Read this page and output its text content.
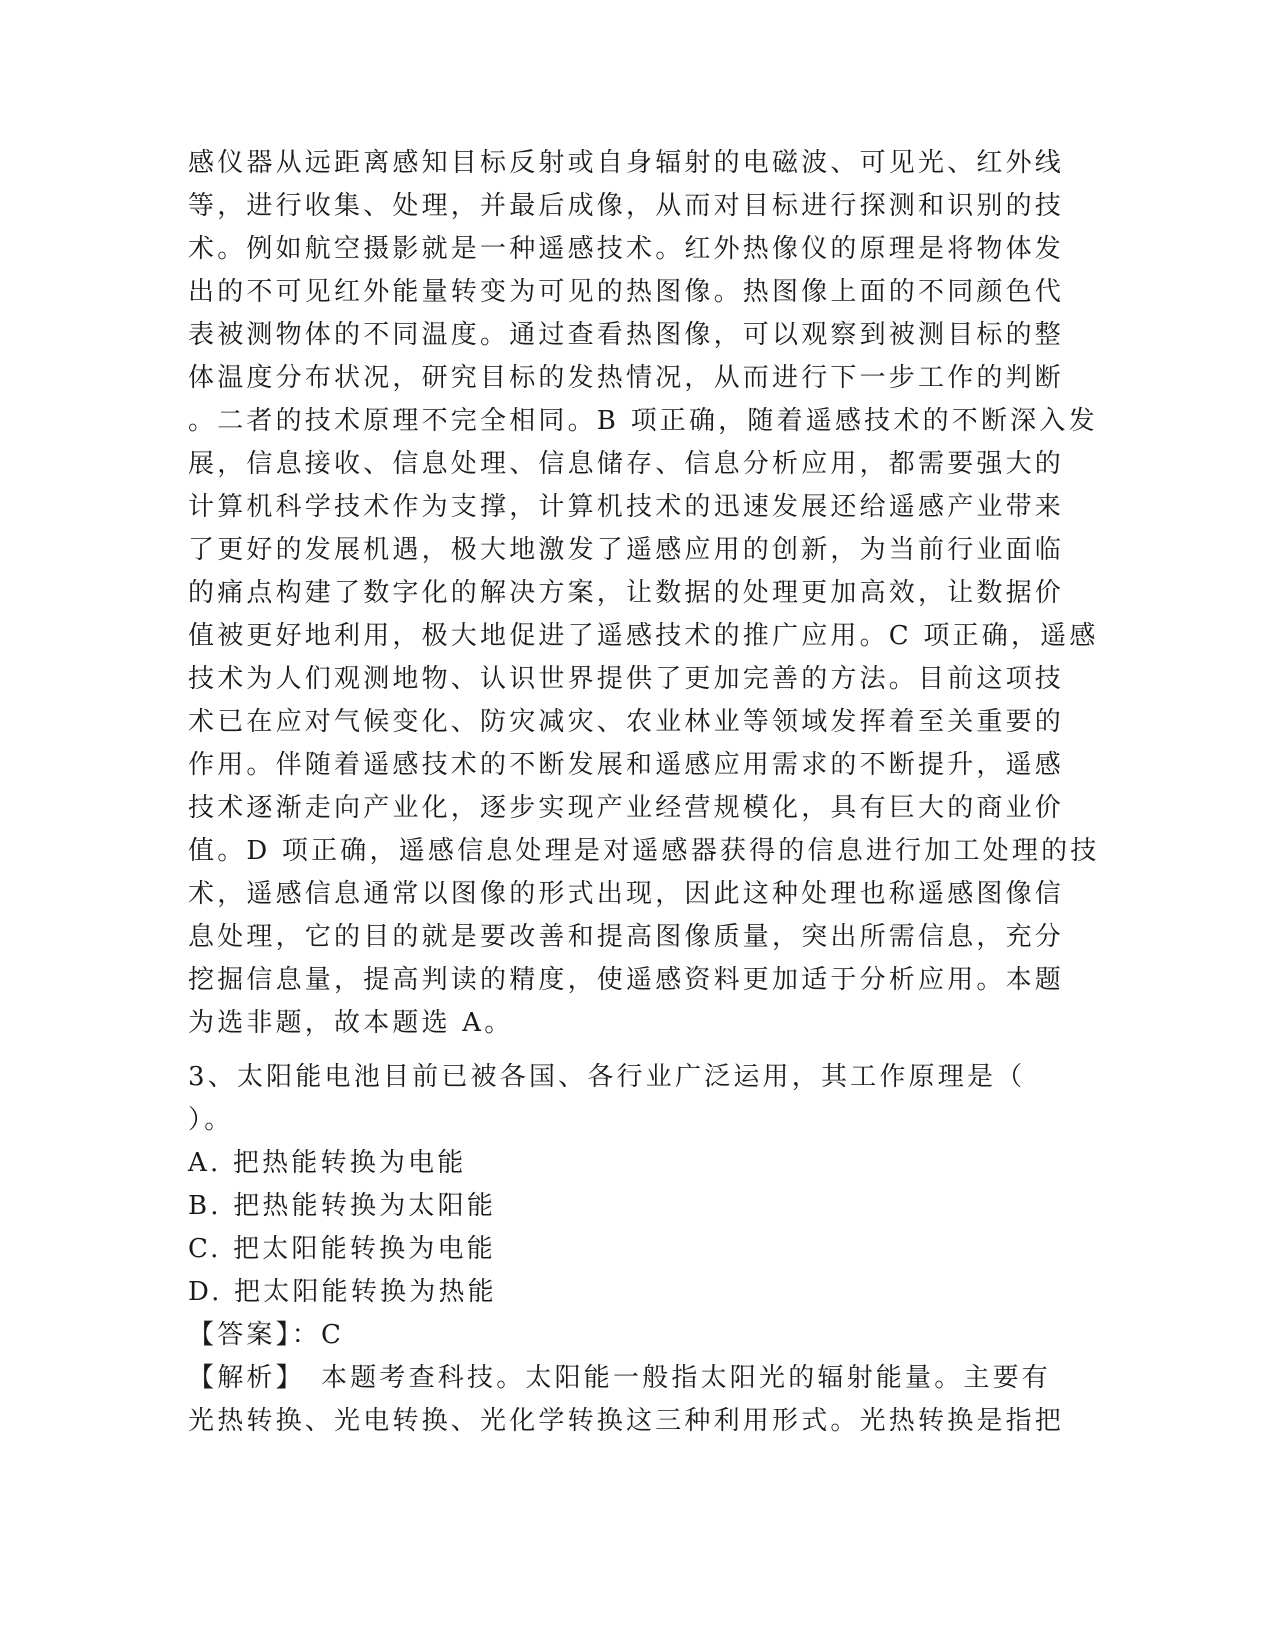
感仪器从远距离感知目标反射或自身辐射的电磁波、可见光、红外线
等，进行收集、处理，并最后成像，从而对目标进行探测和识别的技
术。例如航空摄影就是一种遥感技术。红外热像仪的原理是将物体发
出的不可见红外能量转变为可见的热图像。热图像上面的不同颜色代
表被测物体的不同温度。通过查看热图像，可以观察到被测目标的整
体温度分布状况，研究目标的发热情况，从而进行下一步工作的判断
。二者的技术原理不完全相同。B 项正确，随着遥感技术的不断深入发
展，信息接收、信息处理、信息储存、信息分析应用，都需要强大的
计算机科学技术作为支撑，计算机技术的迅速发展还给遥感产业带来
了更好的发展机遇，极大地激发了遥感应用的创新，为当前行业面临
的痛点构建了数字化的解决方案，让数据的处理更加高效，让数据价
值被更好地利用，极大地促进了遥感技术的推广应用。C 项正确，遥感
技术为人们观测地物、认识世界提供了更加完善的方法。目前这项技
术已在应对气候变化、防灾减灾、农业林业等领域发挥着至关重要的
作用。伴随着遥感技术的不断发展和遥感应用需求的不断提升，遥感
技术逐渐走向产业化，逐步实现产业经营规模化，具有巨大的商业价
值。D 项正确，遥感信息处理是对遥感器获得的信息进行加工处理的技
术，遥感信息通常以图像的形式出现，因此这种处理也称遥感图像信
息处理，它的目的就是要改善和提高图像质量，突出所需信息，充分
挖掘信息量，提高判读的精度，使遥感资料更加适于分析应用。本题
为选非题，故本题选 A。
3、太阳能电池目前已被各国、各行业广泛运用，其工作原理是（
）。
A. 把热能转换为电能
B. 把热能转换为太阳能
C. 把太阳能转换为电能
D. 把太阳能转换为热能
【答案】：C
【解析】　本题考查科技。太阳能一般指太阳光的辐射能量。主要有
光热转换、光电转换、光化学转换这三种利用形式。光热转换是指把
